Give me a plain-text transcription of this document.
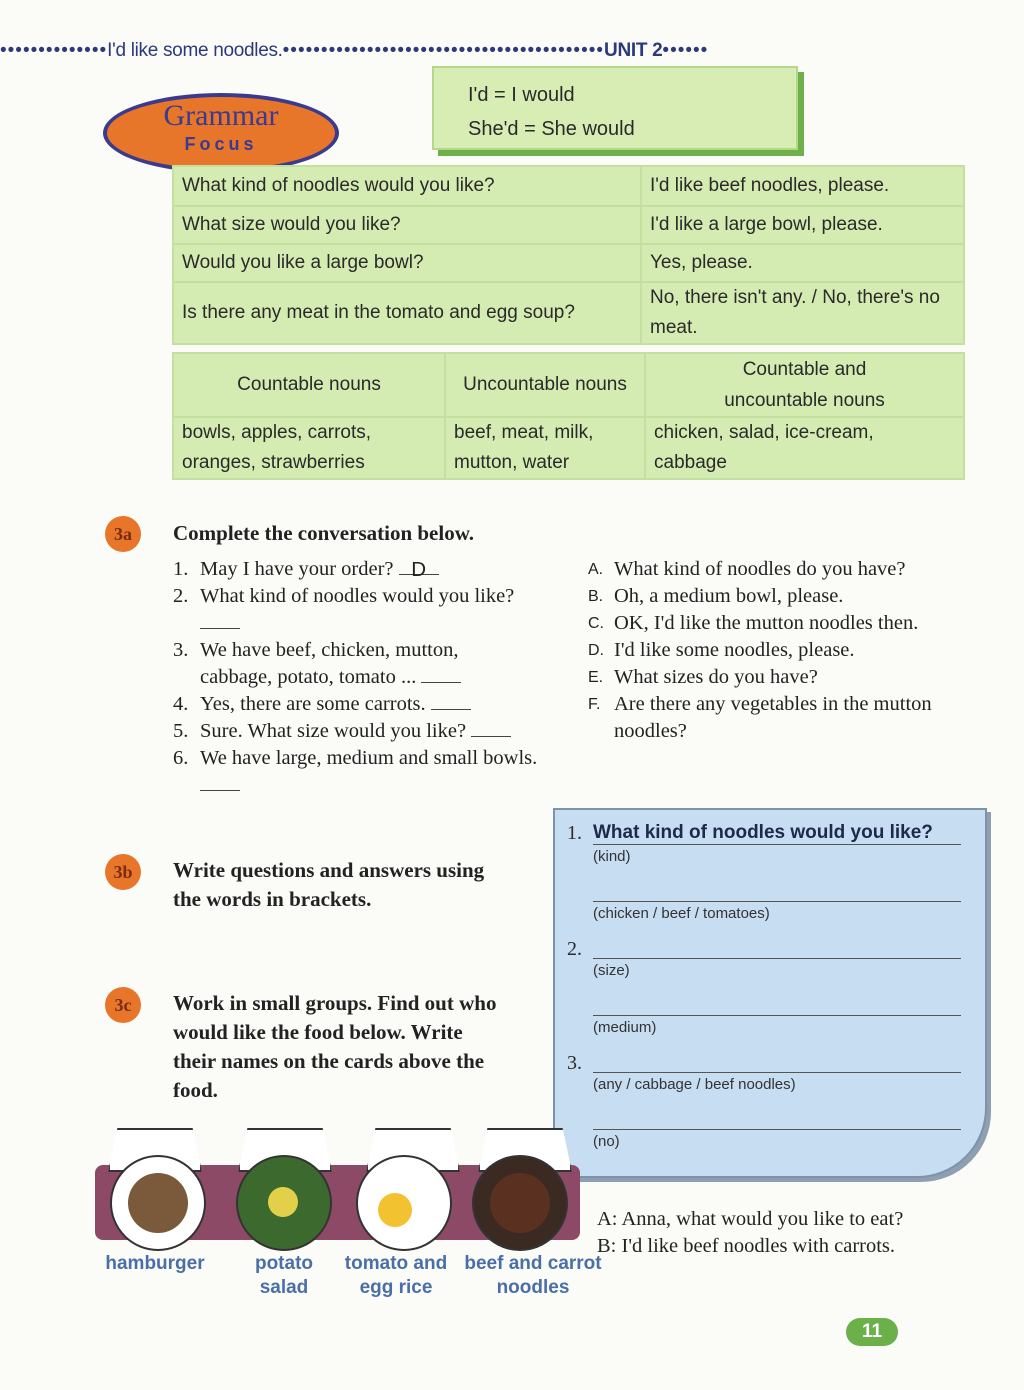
••••••••••••••I'd like some noodles.••••••••••••••••••••••••••••••••••••••••••UNIT 2••••••
Grammar
Focus
I'd = I would
She'd = She would
What kind of noodles would you like?	I'd like beef noodles, please.
What size would you like?	I'd like a large bowl, please.
Would you like a large bowl?	Yes, please.
Is there any meat in the tomato and egg soup?	No, there isn't any. / No, there's no meat.
Countable nouns	Uncountable nouns	Countable and uncountable nouns
bowls, apples, carrots, oranges, strawberries	beef, meat, milk, mutton, water	chicken, salad, ice-cream, cabbage
3a	Complete the conversation below.
1. May I have your order?
D
2. What kind of noodles would you like?
3. We have beef, chicken, mutton, cabbage, potato, tomato ...
4. Yes, there are some carrots.

5. Sure. What size would you like?

6. We have large, medium and small bowls.
A. What kind of noodles do you have?
B. Oh, a medium bowl, please.
C. OK, I'd like the mutton noodles then.
D. I'd like some noodles, please.
E. What sizes do you have?
F. Are there any vegetables in the mutton noodles?
3b	Write questions and answers using the words in brackets.
1. What kind of noodles would you like?
(kind)
(chicken / beef / tomatoes)
2.
(size)
(medium)
3.
(any / cabbage / beef noodles)
(no)
3c	Work in small groups. Find out who would like the food below. Write their names on the cards above the food.
hamburger	potato salad
tomato and egg rice
beef and carrot noodles
A: Anna, what would you like to eat?
B: I'd like beef noodles with carrots.
11
